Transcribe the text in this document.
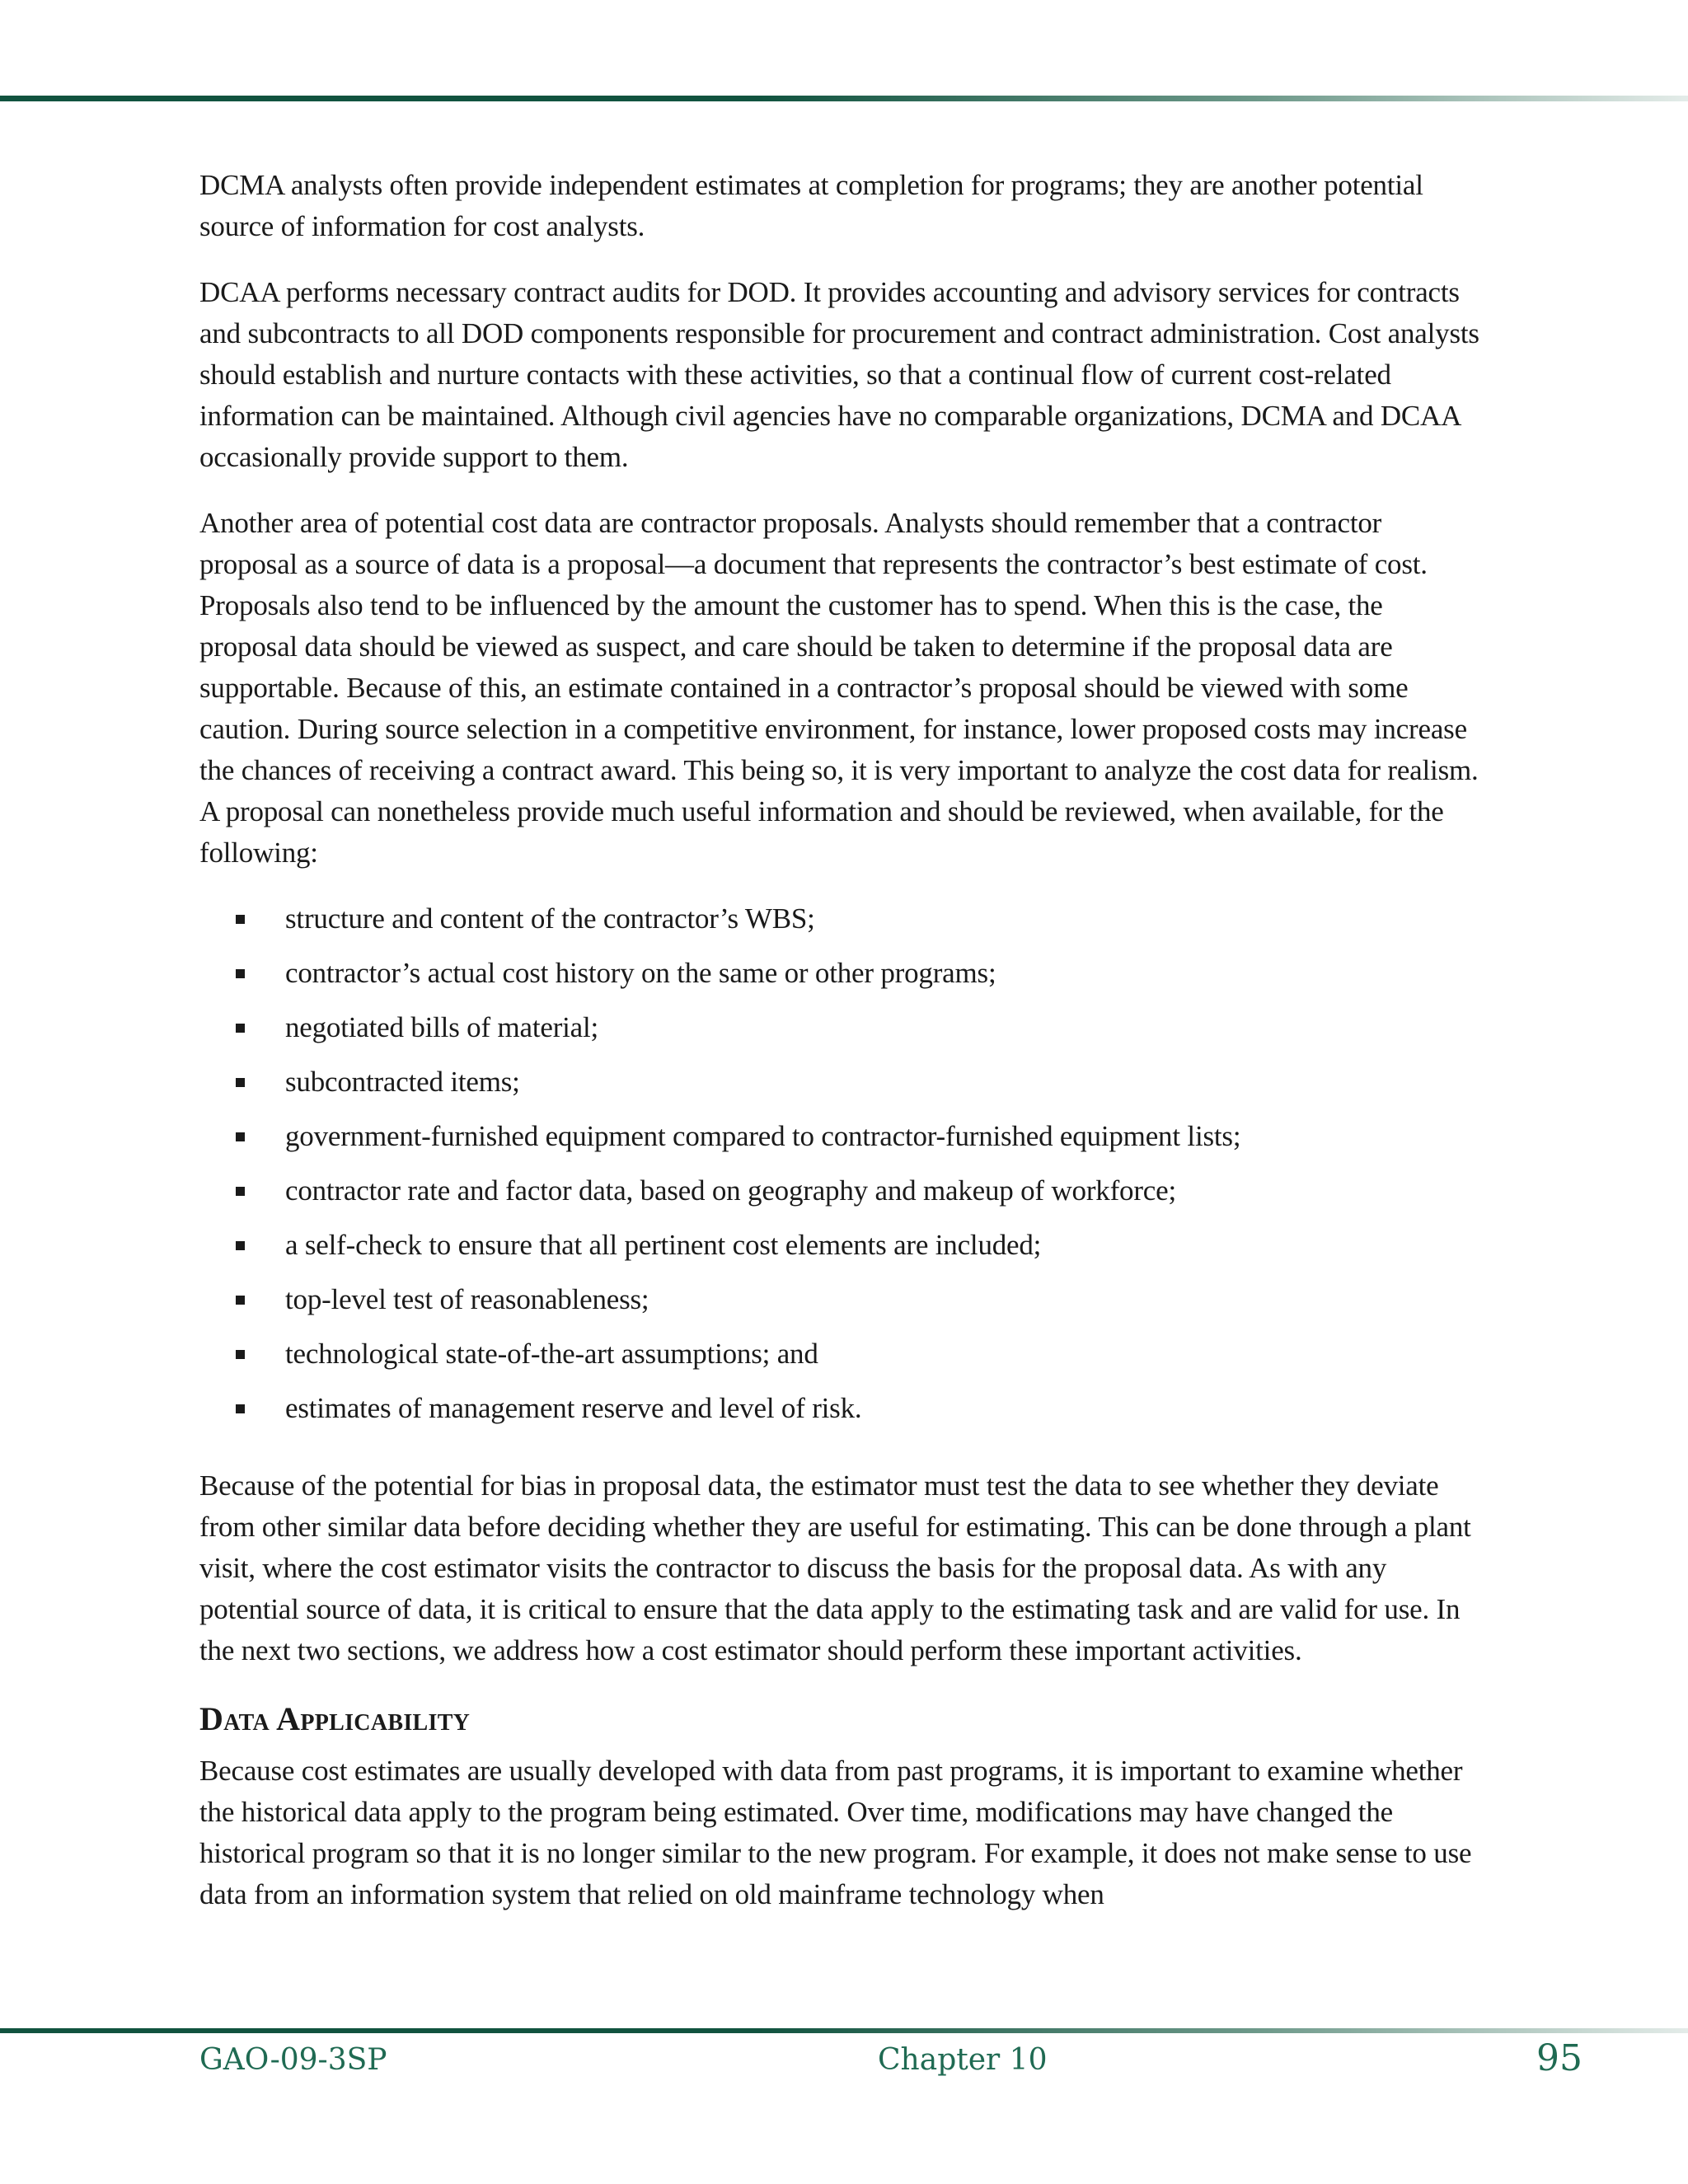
DCMA analysts often provide independent estimates at completion for programs; they are another potential source of information for cost analysts.

DCAA performs necessary contract audits for DOD. It provides accounting and advisory services for contracts and subcontracts to all DOD components responsible for procurement and contract administration. Cost analysts should establish and nurture contacts with these activities, so that a continual flow of current cost-related information can be maintained. Although civil agencies have no comparable organizations, DCMA and DCAA occasionally provide support to them.

Another area of potential cost data are contractor proposals. Analysts should remember that a contractor proposal as a source of data is a proposal—a document that represents the contractor’s best estimate of cost. Proposals also tend to be influenced by the amount the customer has to spend. When this is the case, the proposal data should be viewed as suspect, and care should be taken to determine if the proposal data are supportable. Because of this, an estimate contained in a contractor’s proposal should be viewed with some caution. During source selection in a competitive environment, for instance, lower proposed costs may increase the chances of receiving a contract award. This being so, it is very important to analyze the cost data for realism. A proposal can nonetheless provide much useful information and should be reviewed, when available, for the following:

structure and content of the contractor’s WBS;
contractor’s actual cost history on the same or other programs;
negotiated bills of material;
subcontracted items;
government-furnished equipment compared to contractor-furnished equipment lists;
contractor rate and factor data, based on geography and makeup of workforce;
a self-check to ensure that all pertinent cost elements are included;
top-level test of reasonableness;
technological state-of-the-art assumptions; and
estimates of management reserve and level of risk.

Because of the potential for bias in proposal data, the estimator must test the data to see whether they deviate from other similar data before deciding whether they are useful for estimating. This can be done through a plant visit, where the cost estimator visits the contractor to discuss the basis for the proposal data. As with any potential source of data, it is critical to ensure that the data apply to the estimating task and are valid for use. In the next two sections, we address how a cost estimator should perform these important activities.

Data Applicability

Because cost estimates are usually developed with data from past programs, it is important to examine whether the historical data apply to the program being estimated. Over time, modifications may have changed the historical program so that it is no longer similar to the new program. For example, it does not make sense to use data from an information system that relied on old mainframe technology when

GAO-09-3SP	Chapter 10	95
